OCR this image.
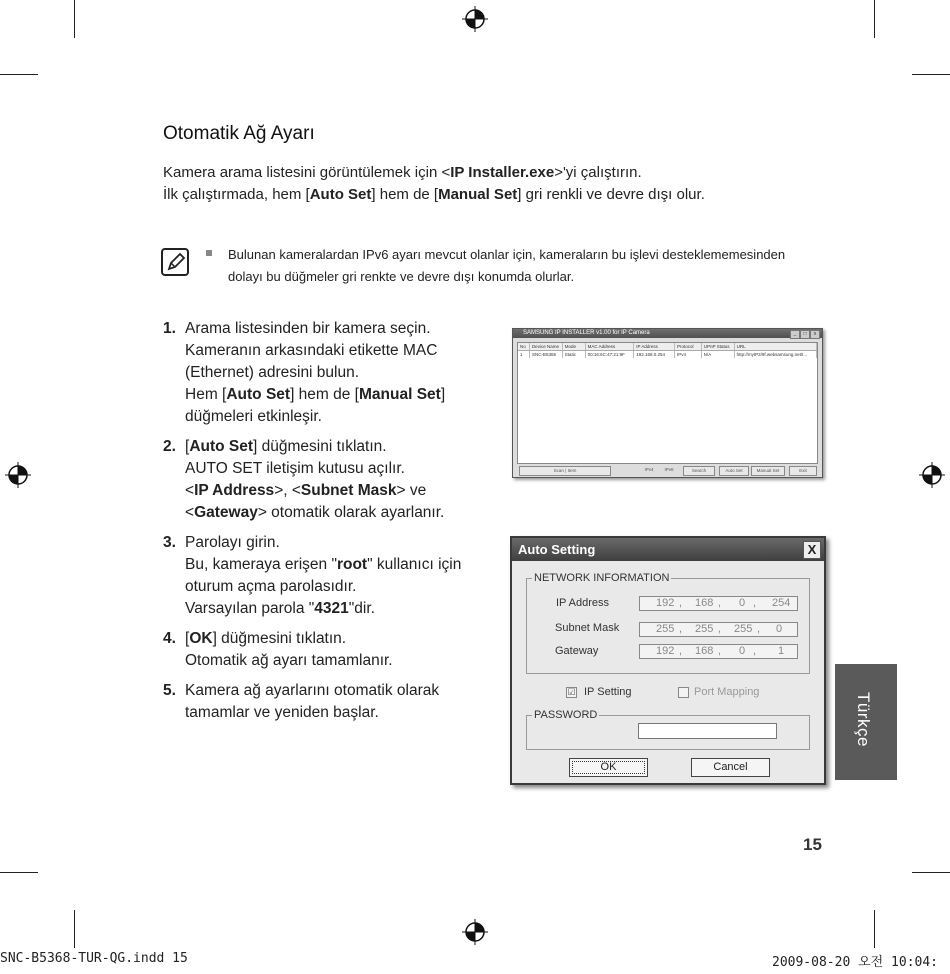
Otomatik Ağ Ayarı
Kamera arama listesini görüntülemek için <IP Installer.exe>'yi çalıştırın.
İlk çalıştırmada, hem [Auto Set] hem de [Manual Set] gri renkli ve devre dışı olur.
Bulunan kameralardan IPv6 ayarı mevcut olanlar için, kameraların bu işlevi desteklememesinden dolayı bu düğmeler gri renkte ve devre dışı konumda olurlar.
1. Arama listesinden bir kamera seçin.
Kameranın arkasındaki etikette MAC
(Ethernet) adresini bulun.
Hem [Auto Set] hem de [Manual Set]
düğmeleri etkinleşir.
2. [Auto Set] düğmesini tıklatın.
AUTO SET iletişim kutusu açılır.
<IP Address>, <Subnet Mask> ve
<Gateway> otomatik olarak ayarlanır.
3. Parolayı girin.
Bu, kameraya erişen "root" kullanıcı için
oturum açma parolasıdır.
Varsayılan parola "4321"dir.
4. [OK] düğmesini tıklatın.
Otomatik ağ ayarı tamamlanır.
5. Kamera ağ ayarlarını otomatik olarak
tamamlar ve yeniden başlar.
SAMSUNG IP INSTALLER v1.00 for IP Camera	_	□	x
No	Device Name	Mode	MAC Address	IP Address	Protocol	UPnP Status	URL
1	SNC-B5368	Static	00:16:6C:47:21:9F	192.168.0.254	IPv4	N/A	http://myIP2/9f.websamsung.net/I...
Scan | Item	IPv4	IPv6	Search	Auto Set	Manual Set	Exit
Auto Setting	X
NETWORK INFORMATION
IP Address	192 , 168 , 0 , 254
Subnet Mask	255 , 255 , 255 , 0
Gateway	192 , 168 , 0 , 1
☑ IP Setting	Port Mapping
PASSWORD
OK	Cancel
Türkçe
15
SNC-B5368-TUR-QG.indd 15	2009-08-20 오전 10:04:
